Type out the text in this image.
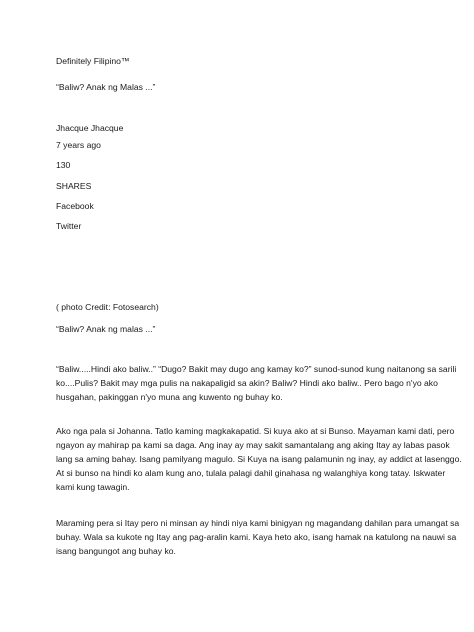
Definitely Filipino™
“Baliw? Anak ng Malas ...”
Jhacque Jhacque
7 years ago
130
SHARES
Facebook
Twitter
( photo Credit: Fotosearch)
“Baliw? Anak ng malas ...”
“Baliw.....Hindi ako baliw..” “Dugo? Bakit may dugo ang kamay ko?” sunod-sunod kung naitanong sa sarili
ko....Pulis? Bakit may mga pulis na nakapaligid sa akin? Baliw? Hindi ako baliw.. Pero bago n'yo ako
husgahan, pakinggan n'yo muna ang kuwento ng buhay ko.
Ako nga pala si Johanna. Tatlo kaming magkakapatid. Si kuya ako at si Bunso. Mayaman kami dati, pero
ngayon ay mahirap pa kami sa daga. Ang inay ay may sakit samantalang ang aking Itay ay labas pasok
lang sa aming bahay. Isang pamilyang magulo. Si Kuya na isang palamunin ng inay, ay addict at lasenggo.
At si bunso na hindi ko alam kung ano, tulala palagi dahil ginahasa ng walanghiya kong tatay. Iskwater
kami kung tawagin.
Maraming pera si Itay pero ni minsan ay hindi niya kami binigyan ng magandang dahilan para umangat sa
buhay. Wala sa kukote ng Itay ang pag-aralin kami. Kaya heto ako, isang hamak na katulong na nauwi sa
isang bangungot ang buhay ko.
